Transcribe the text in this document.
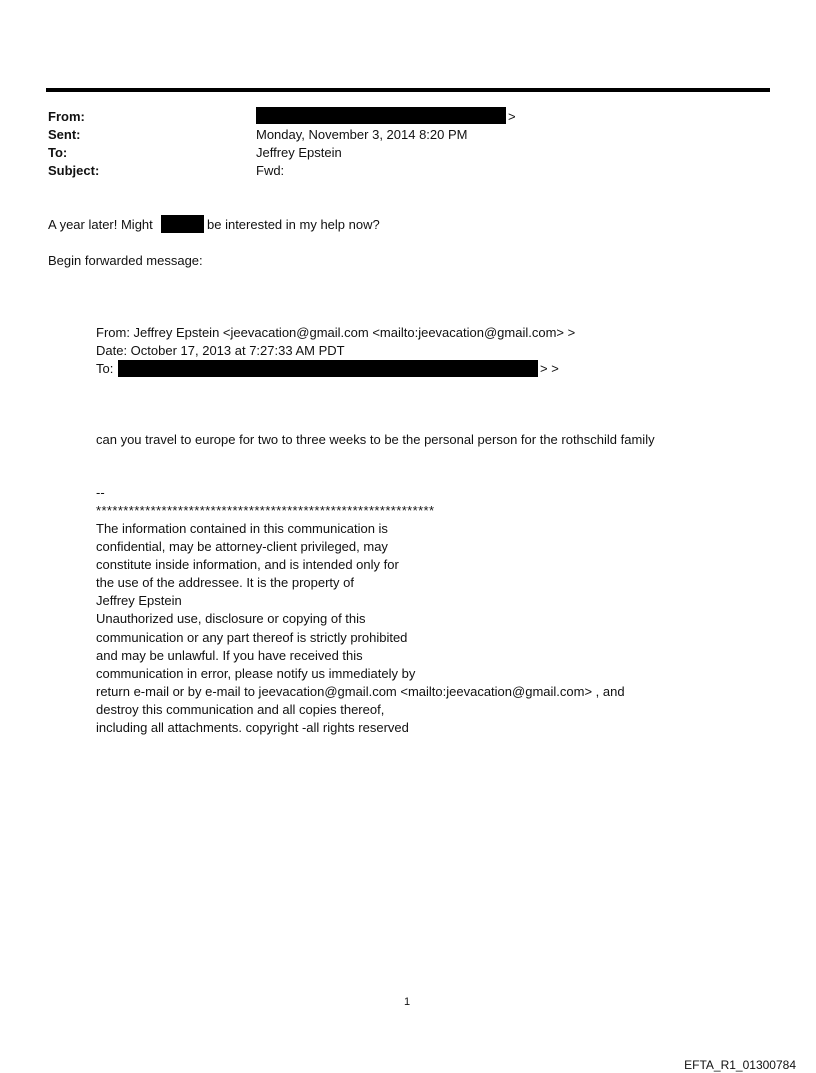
From:
Sent:
To:
Subject:
>
Monday, November 3, 2014 8:20 PM
Jeffrey Epstein
Fwd:
A year later! Might	be interested in my help now?
Begin forwarded message:
From: Jeffrey Epstein <jeevacation@gmail.com <mailto:jeevacation@gmail.com> >
Date: October 17, 2013 at 7:27:33 AM PDT
To:	> >
can you travel to europe for two to three weeks to be the personal person for the rothschild family
--
**************************************************************
The information contained in this communication is
confidential, may be attorney-client privileged, may
constitute inside information, and is intended only for
the use of the addressee. It is the property of
Jeffrey Epstein
Unauthorized use, disclosure or copying of this
communication or any part thereof is strictly prohibited
and may be unlawful. If you have received this
communication in error, please notify us immediately by
return e-mail or by e-mail to jeevacation@gmail.com <mailto:jeevacation@gmail.com> , and
destroy this communication and all copies thereof,
including all attachments. copyright -all rights reserved
1
EFTA_R1_01300784
